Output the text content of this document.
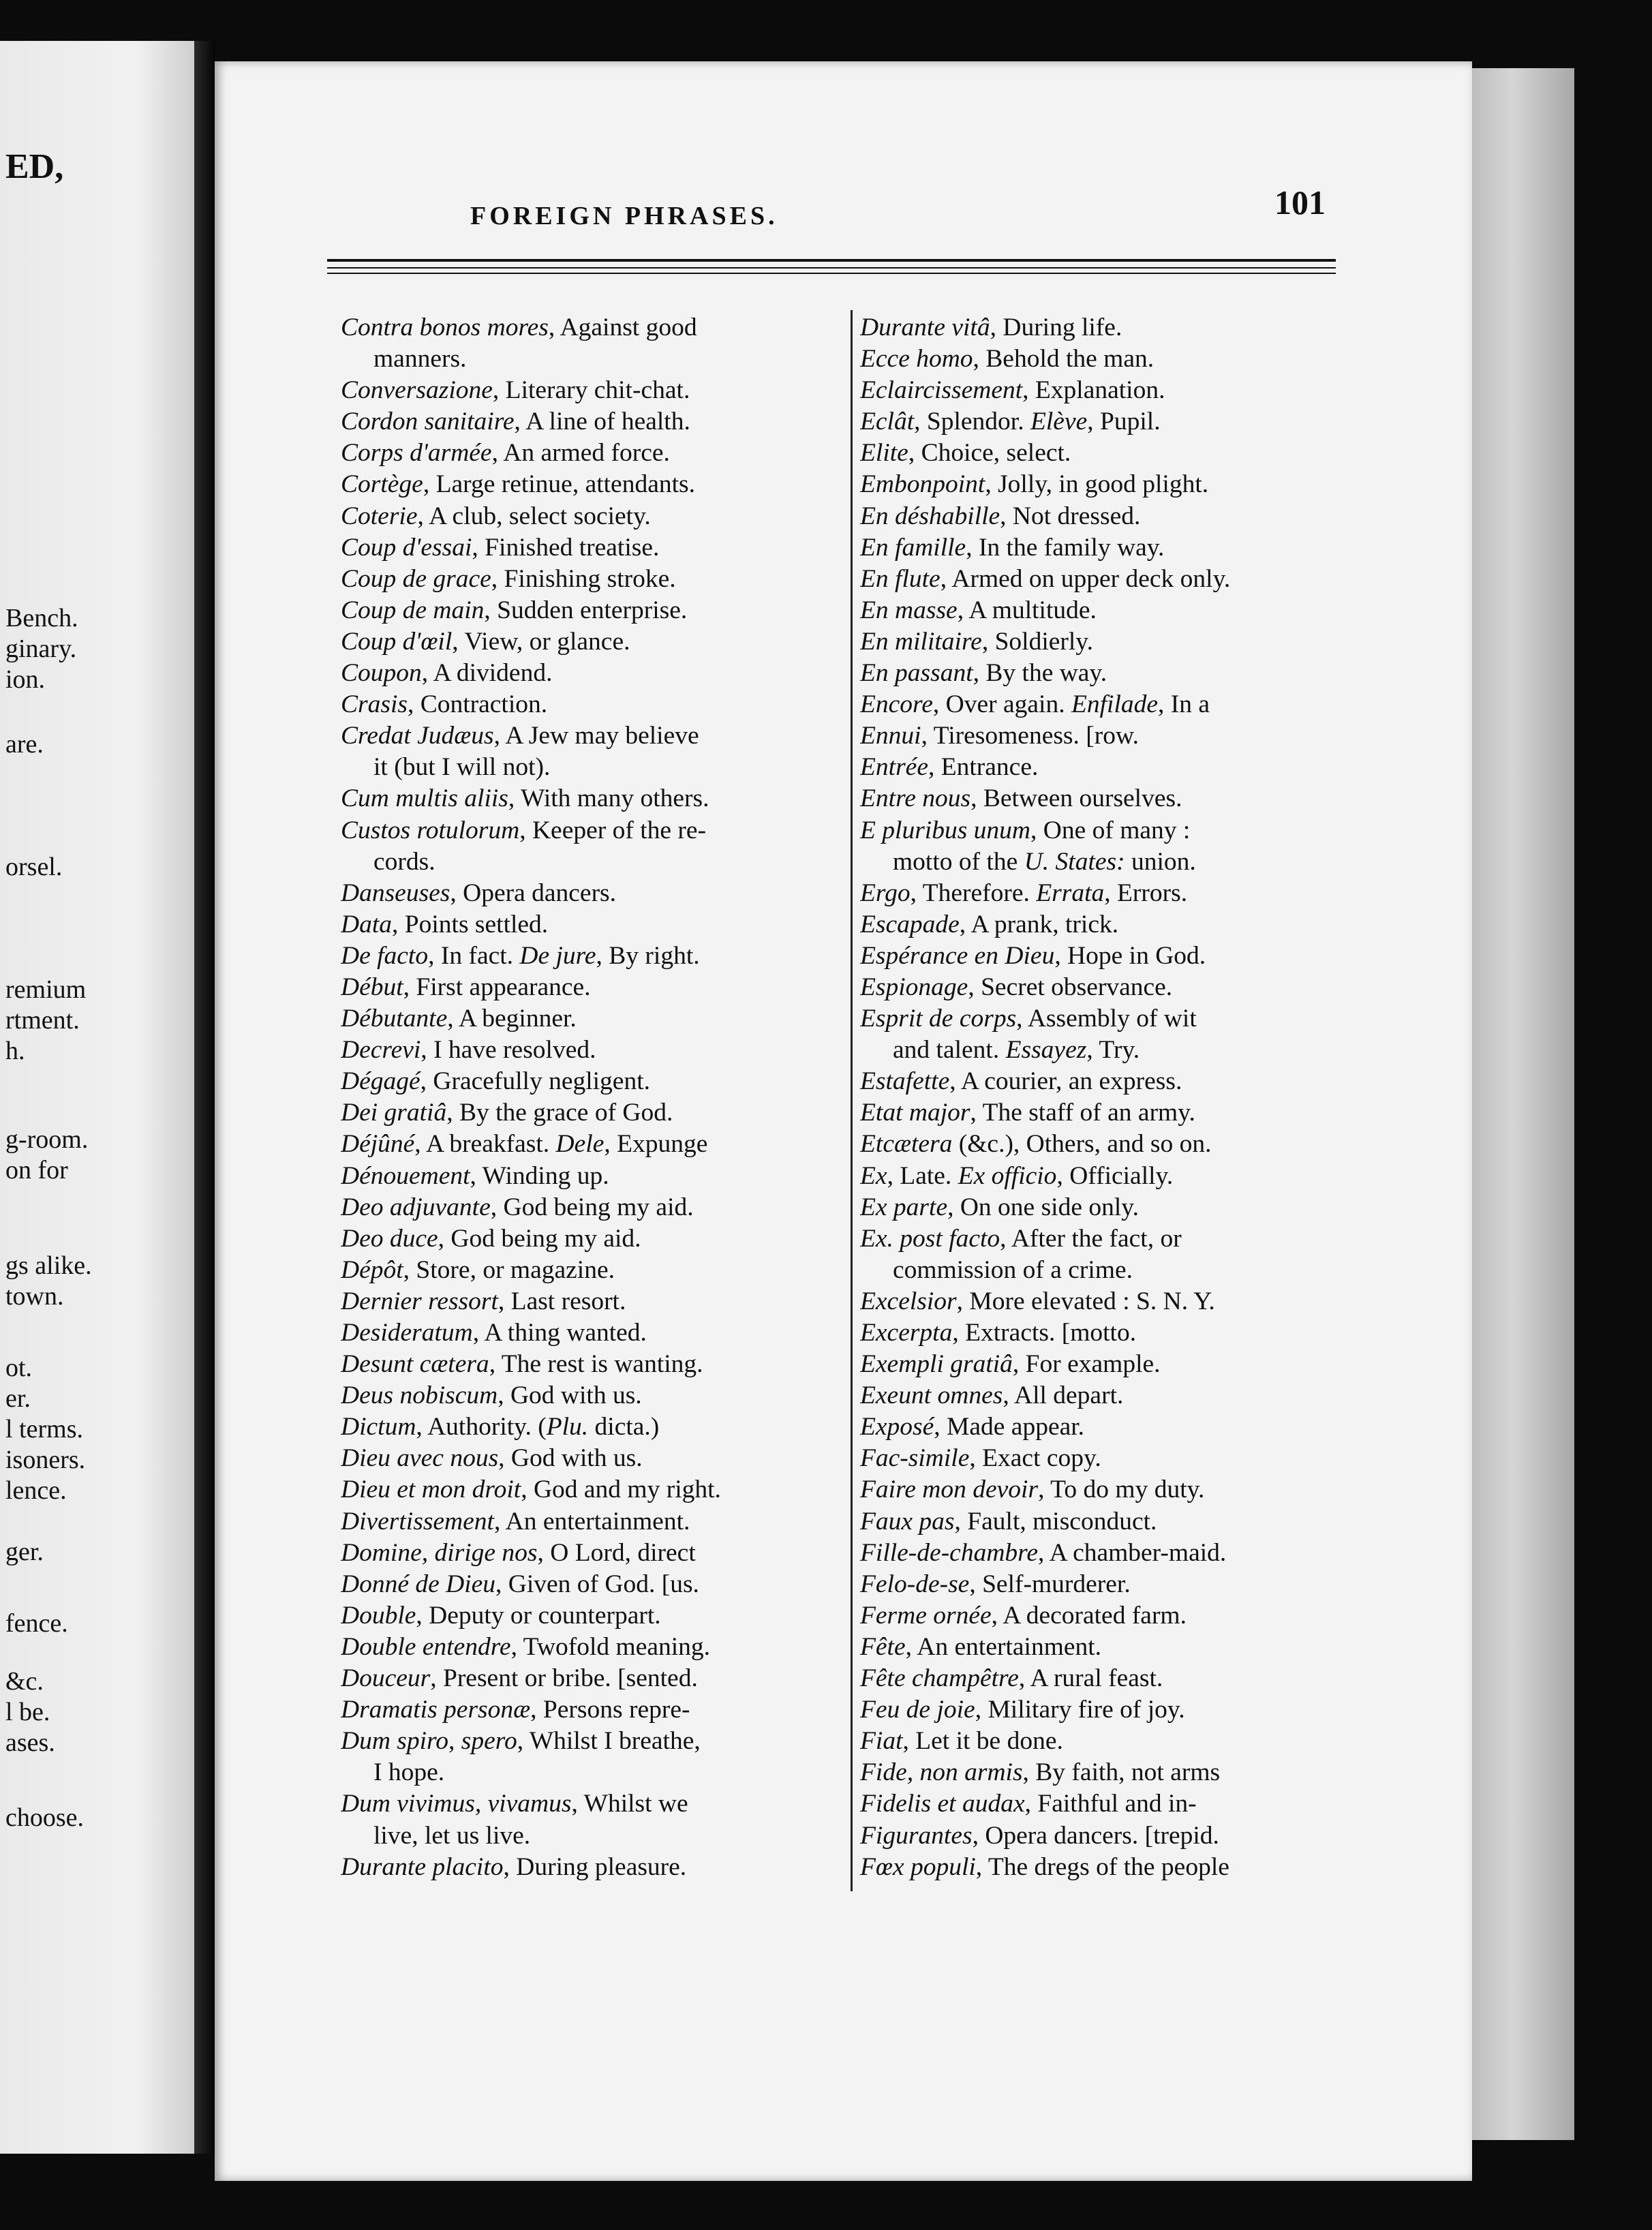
ED,
Bench.
ginary.
ion.
are.
orsel.
remium
rtment.
h.
g-room.
on for
gs alike.
town.
ot.
er.
l terms.
isoners.
lence.
ger.
fence.
&c.
l be.
ases.
choose.
FOREIGN PHRASES.	101
Contra bonos mores, Against good
manners.
Conversazione, Literary chit-chat.
Cordon sanitaire, A line of health.
Corps d'armée, An armed force.
Cortège, Large retinue, attendants.
Coterie, A club, select society.
Coup d'essai, Finished treatise.
Coup de grace, Finishing stroke.
Coup de main, Sudden enterprise.
Coup d'œil, View, or glance.
Coupon, A dividend.
Crasis, Contraction.
Credat Judæus, A Jew may believe
it (but I will not).
Cum multis aliis, With many others.
Custos rotulorum, Keeper of the re-
cords.
Danseuses, Opera dancers.
Data, Points settled.
De facto, In fact. De jure, By right.
Début, First appearance.
Débutante, A beginner.
Decrevi, I have resolved.
Dégagé, Gracefully negligent.
Dei gratiâ, By the grace of God.
Déjûné, A breakfast. Dele, Expunge
Dénouement, Winding up.
Deo adjuvante, God being my aid.
Deo duce, God being my aid.
Dépôt, Store, or magazine.
Dernier ressort, Last resort.
Desideratum, A thing wanted.
Desunt cætera, The rest is wanting.
Deus nobiscum, God with us.
Dictum, Authority. (Plu. dicta.)
Dieu avec nous, God with us.
Dieu et mon droit, God and my right.
Divertissement, An entertainment.
Domine, dirige nos, O Lord, direct
Donné de Dieu, Given of God. [us.
Double, Deputy or counterpart.
Double entendre, Twofold meaning.
Douceur, Present or bribe. [sented.
Dramatis personæ, Persons repre-
Dum spiro, spero, Whilst I breathe,
I hope.
Dum vivimus, vivamus, Whilst we
live, let us live.
Durante placito, During pleasure.
Durante vitâ, During life.
Ecce homo, Behold the man.
Eclaircissement, Explanation.
Eclât, Splendor. Elève, Pupil.
Elite, Choice, select.
Embonpoint, Jolly, in good plight.
En déshabille, Not dressed.
En famille, In the family way.
En flute, Armed on upper deck only.
En masse, A multitude.
En militaire, Soldierly.
En passant, By the way.
Encore, Over again. Enfilade, In a
Ennui, Tiresomeness. [row.
Entrée, Entrance.
Entre nous, Between ourselves.
E pluribus unum, One of many :
motto of the U. States: union.
Ergo, Therefore. Errata, Errors.
Escapade, A prank, trick.
Espérance en Dieu, Hope in God.
Espionage, Secret observance.
Esprit de corps, Assembly of wit
and talent. Essayez, Try.
Estafette, A courier, an express.
Etat major, The staff of an army.
Etcætera (&c.), Others, and so on.
Ex, Late. Ex officio, Officially.
Ex parte, On one side only.
Ex. post facto, After the fact, or
commission of a crime.
Excelsior, More elevated : S. N. Y.
Excerpta, Extracts. [motto.
Exempli gratiâ, For example.
Exeunt omnes, All depart.
Exposé, Made appear.
Fac-simile, Exact copy.
Faire mon devoir, To do my duty.
Faux pas, Fault, misconduct.
Fille-de-chambre, A chamber-maid.
Felo-de-se, Self-murderer.
Ferme ornée, A decorated farm.
Fête, An entertainment.
Fête champêtre, A rural feast.
Feu de joie, Military fire of joy.
Fiat, Let it be done.
Fide, non armis, By faith, not arms
Fidelis et audax, Faithful and in-
Figurantes, Opera dancers. [trepid.
Fœx populi, The dregs of the people
